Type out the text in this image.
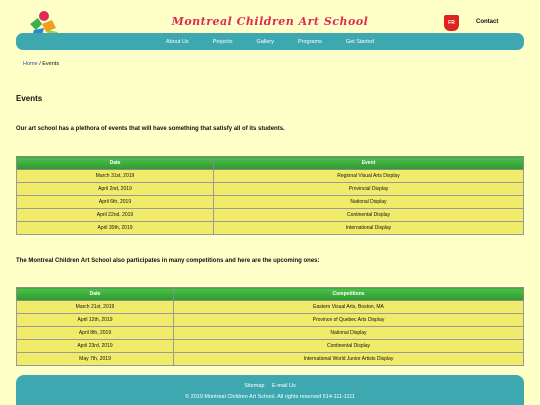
Montreal Children Art School	FR	Contact
About Us	Projects	Gallery	Programs	Get Started
Home / Events
Events

Our art school has a plethora of events that will have something that satisfy all of its students.

Date	Event
March 31st, 2019	Regional Visual Arts Display
April 2nd, 2019	Provincial Display
April 6th, 2019	National Display
April 22nd, 2019	Continental Display
April 30th, 2019	International Display

The Montreal Children Art School also participates in many competitions and here are the upcoming ones:

Date	Competitions
March 21st, 2019	Eastern Visual Arts, Boston, MA
April 12th, 2019	Province of Quebec Arts Display
April 8th, 2019	National Display
April 23rd, 2019	Continental Display
May 7th, 2019	International World Junior Artists Display
Sitemap E-mail Us
© 2019 Montreal Children Art School. All rights reserved 514-111-1111
